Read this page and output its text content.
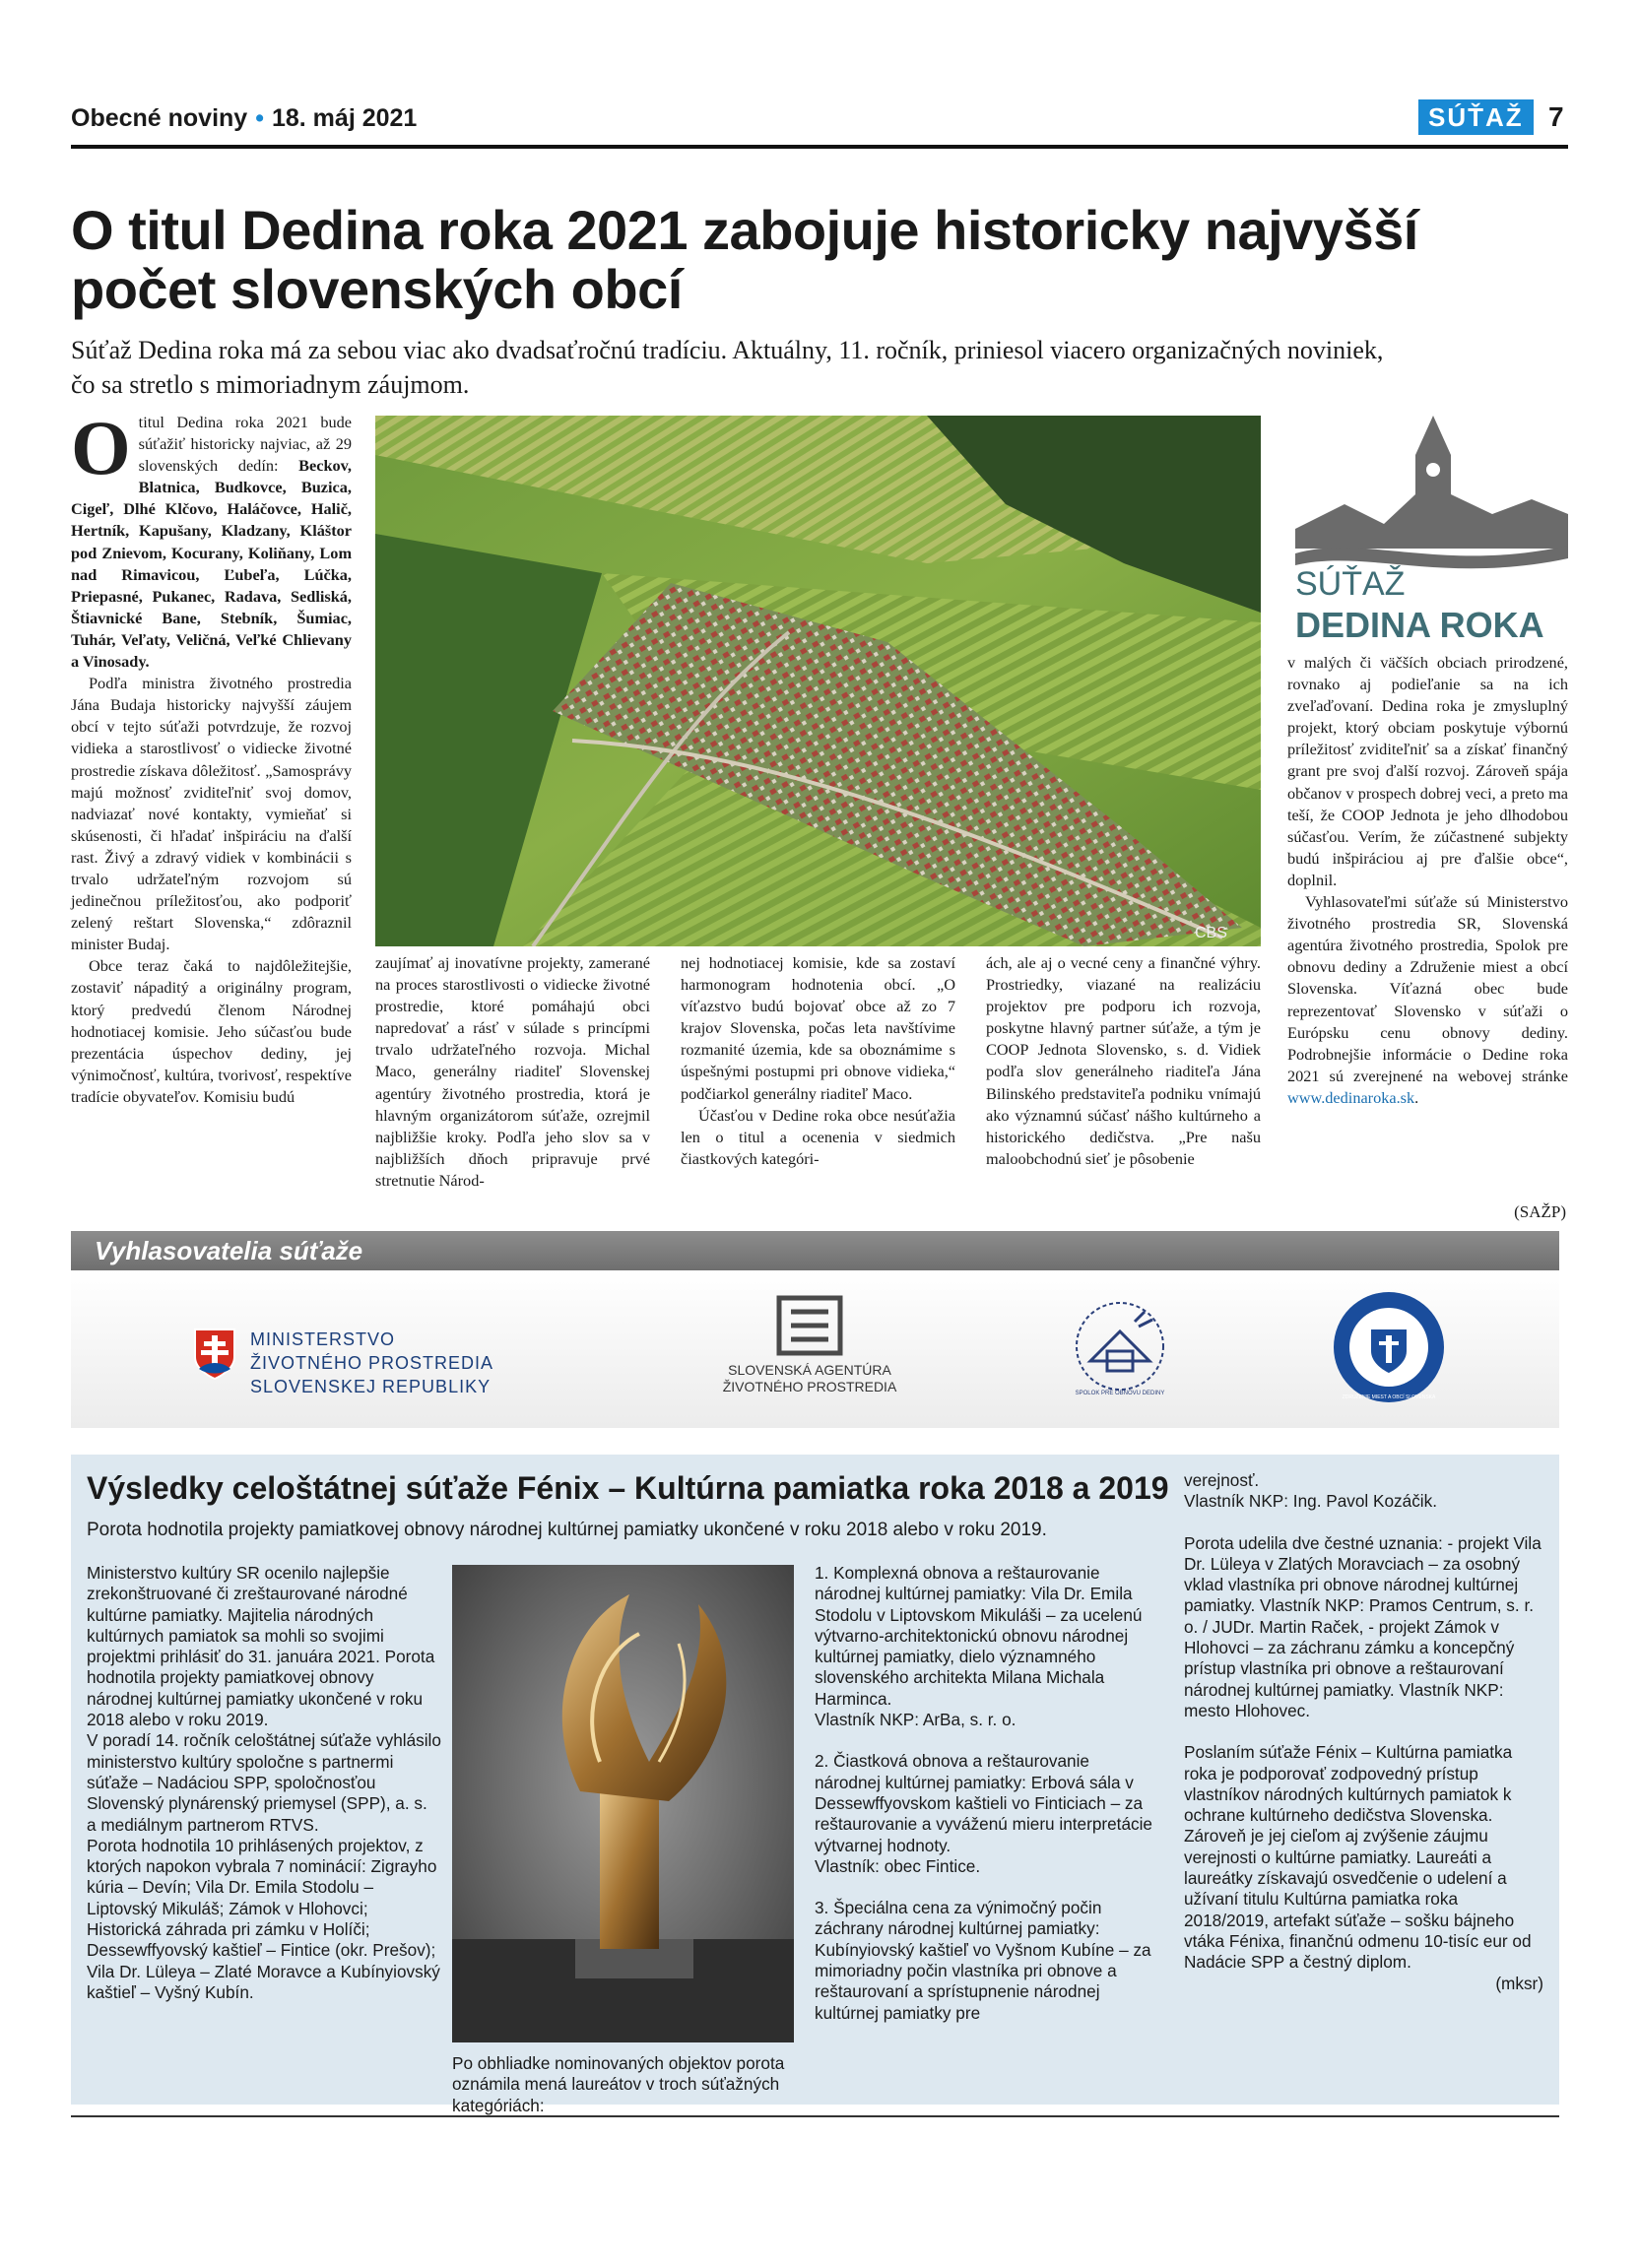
Obecné noviny • 18. máj 2021	SÚŤAŽ 7
O titul Dedina roka 2021 zabojuje historicky najvyšší
počet slovenských obcí
Súťaž Dedina roka má za sebou viac ako dvadsaťročnú tradíciu. Aktuálny, 11. ročník, priniesol viacero organizačných noviniek,
čo sa stretlo s mimoriadnym záujmom.

Otitul Dedina roka 2021 bude súťažiť historicky najviac, až 29 slovenských dedín: Beckov, Blatnica, Budkovce, Buzica, Cigeľ, Dlhé Klčovo, Haláčovce, Halič, Hertník, Kapušany, Kladzany, Kláštor pod Znievom, Kocurany, Koliňany, Lom nad Rimavicou, Ľubeľa, Lúčka, Priepasné, Pukanec, Radava, Sedliská, Štiavnické Bane, Stebník, Šumiac, Tuhár, Veľaty, Veličná, Veľké Chlievany a Vinosady.

Podľa ministra životného prostredia Jána Budaja historicky najvyšší záujem obcí v tejto súťaži potvrdzuje, že rozvoj vidieka a starostlivosť o vidiecke životné prostredie získava dôležitosť. „Samosprávy majú možnosť zviditeľniť svoj domov, nadviazať nové kontakty, vymieňať si skúsenosti, či hľadať inšpiráciu na ďalší rast. Živý a zdravý vidiek v kombinácii s trvalo udržateľným rozvojom sú jedinečnou príležitosťou, ako podporiť zelený reštart Slovenska,“ zdôraznil minister Budaj.

Obce teraz čaká to najdôležitejšie, zostaviť nápaditý a originálny program, ktorý predvedú členom Národnej hodnotiacej komisie. Jeho súčasťou bude prezentácia úspechov dediny, jej výnimočnosť, kultúra, tvorivosť, respektíve tradície obyvateľov. Komisiu budú

CBS
SÚŤAŽ
DEDINA ROKA

zaujímať aj inovatívne projekty, zamerané na proces starostlivosti o vidiecke životné prostredie, ktoré pomáhajú obci napredovať a rásť v súlade s princípmi trvalo udržateľného rozvoja. Michal Maco, generálny riaditeľ Slovenskej agentúry životného prostredia, ktorá je hlavným organizátorom súťaže, ozrejmil najbližšie kroky. Podľa jeho slov sa v najbližších dňoch pripravuje prvé stretnutie Národ-

nej hodnotiacej komisie, kde sa zostaví harmonogram hodnotenia obcí. „O víťazstvo budú bojovať obce až zo 7 krajov Slovenska, počas leta navštívime rozmanité územia, kde sa oboznámime s úspešnými postupmi pri obnove vidieka,“ podčiarkol generálny riaditeľ Maco.

Účasťou v Dedine roka obce nesúťažia len o titul a ocenenia v siedmich čiastkových kategóri-

ách, ale aj o vecné ceny a finančné výhry. Prostriedky, viazané na realizáciu projektov pre podporu ich rozvoja, poskytne hlavný partner súťaže, a tým je COOP Jednota Slovensko, s. d. Vidiek podľa slov generálneho riaditeľa Jána Bilinského predstaviteľa podniku vnímajú ako významnú súčasť nášho kultúrneho a historického dedičstva. „Pre našu maloobchodnú sieť je pôsobenie

v malých či väčších obciach prirodzené, rovnako aj podieľanie sa na ich zveľaďovaní. Dedina roka je zmysluplný projekt, ktorý obciam poskytuje výbornú príležitosť zviditeľniť sa a získať finančný grant pre svoj ďalší rozvoj. Zároveň spája občanov v prospech dobrej veci, a preto ma teší, že COOP Jednota je jeho dlhodobou súčasťou. Verím, že zúčastnené subjekty budú inšpiráciou aj pre ďalšie obce“, doplnil.

Vyhlasovateľmi súťaže sú Ministerstvo životného prostredia SR, Slovenská agentúra životného prostredia, Spolok pre obnovu dediny a Združenie miest a obcí Slovenska. Víťazná obec bude reprezentovať Slovensko v súťaži o Európsku cenu obnovy dediny. Podrobnejšie informácie o Dedine roka 2021 sú zverejnené na webovej stránke www.dedinaroka.sk.

(SAŽP)
Vyhlasovatelia súťaže
MINISTERSTVO
ŽIVOTNÉHO PROSTREDIA
SLOVENSKEJ REPUBLIKY
SLOVENSKÁ AGENTÚRA
ŽIVOTNÉHO PROSTREDIA	SPOLOK PRE OBNOVU DEDINY
ZDRUŽENIE MIEST A OBCÍ SLOVENSKA
Výsledky celoštátnej súťaže Fénix – Kultúrna pamiatka roka 2018 a 2019
Porota hodnotila projekty pamiatkovej obnovy národnej kultúrnej pamiatky ukončené v roku 2018 alebo v roku 2019.

Ministerstvo kultúry SR ocenilo najlepšie zrekonštruované či zreštaurované národné kultúrne pamiatky. Majitelia národných kultúrnych pamiatok sa mohli so svojimi projektmi prihlásiť do 31. januára 2021. Porota hodnotila projekty pamiatkovej obnovy národnej kultúrnej pamiatky ukončené v roku 2018 alebo v roku 2019.

V poradí 14. ročník celoštátnej súťaže vyhlásilo ministerstvo kultúry spoločne s partnermi súťaže – Nadáciou SPP, spoločnosťou Slovenský plynárenský priemysel (SPP), a. s. a mediálnym partnerom RTVS.

Porota hodnotila 10 prihlásených projektov, z ktorých napokon vybrala 7 nominácií: Zigrayho kúria – Devín; Vila Dr. Emila Stodolu – Liptovský Mikuláš; Zámok v Hlohovci; Historická záhrada pri zámku v Holíči; Dessewffyovský kaštieľ – Fintice (okr. Prešov); Vila Dr. Lüleya – Zlaté Moravce a Kubínyiovský kaštieľ – Vyšný Kubín.

Po obhliadke nominovaných objektov porota oznámila mená laureátov v troch súťažných kategóriách:

1. Komplexná obnova a reštaurovanie národnej kultúrnej pamiatky: Vila Dr. Emila Stodolu v Liptovskom Mikuláši – za ucelenú výtvarno-architektonickú obnovu národnej kultúrnej pamiatky, dielo významného slovenského architekta Milana Michala Harminca.

Vlastník NKP: ArBa, s. r. o.

2. Čiastková obnova a reštaurovanie národnej kultúrnej pamiatky: Erbová sála v Dessewffyovskom kaštieli vo Finticiach – za reštaurovanie a vyváženú mieru interpretácie výtvarnej hodnoty.

Vlastník: obec Fintice.

3. Špeciálna cena za výnimočný počin záchrany národnej kultúrnej pamiatky: Kubínyiovský kaštieľ vo Vyšnom Kubíne – za mimoriadny počin vlastníka pri obnove a reštaurovaní a sprístupnenie národnej kultúrnej pamiatky pre

verejnosť.

Vlastník NKP: Ing. Pavol Kozáčik.

Porota udelila dve čestné uznania: - projekt Vila Dr. Lüleya v Zlatých Moravciach – za osobný vklad vlastníka pri obnove národnej kultúrnej pamiatky. Vlastník NKP: Pramos Centrum, s. r. o. / JUDr. Martin Raček, - projekt Zámok v Hlohovci – za záchranu zámku a koncepčný prístup vlastníka pri obnove a reštaurovaní národnej kultúrnej pamiatky. Vlastník NKP: mesto Hlohovec.

Poslaním súťaže Fénix – Kultúrna pamiatka roka je podporovať zodpovedný prístup vlastníkov národných kultúrnych pamiatok k ochrane kultúrneho dedičstva Slovenska. Zároveň je jej cieľom aj zvýšenie záujmu verejnosti o kultúrne pamiatky. Laureáti a laureátky získavajú osvedčenie o udelení a užívaní titulu Kultúrna pamiatka roka 2018/2019, artefakt súťaže – sošku bájneho vtáka Fénixa, finančnú odmenu 10-tisíc eur od Nadácie SPP a čestný diplom.

(mksr)
